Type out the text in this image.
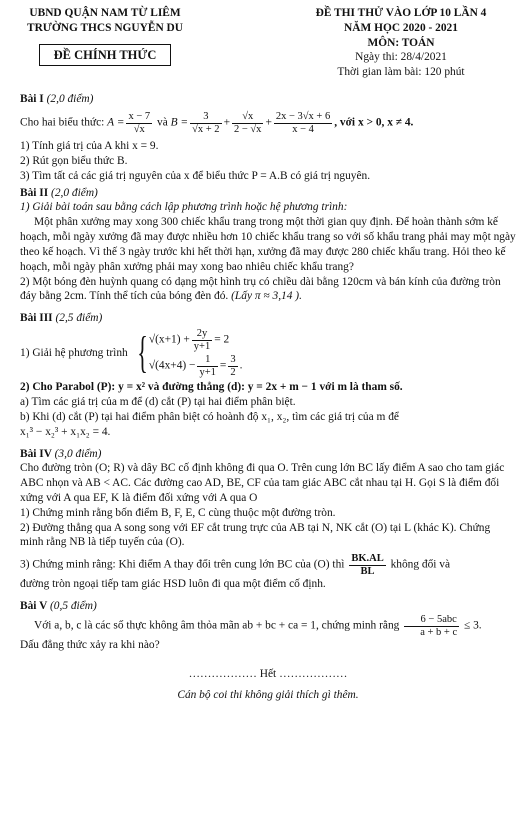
UBND QUẬN NAM TỪ LIÊM
TRƯỜNG THCS NGUYỄN DU
ĐỀ CHÍNH THỨC
ĐỀ THI THỬ VÀO LỚP 10 LẦN 4
NĂM HỌC 2020 - 2021
MÔN: TOÁN
Ngày thi: 28/4/2021
Thời gian làm bài: 120 phút
Bài I (2,0 điểm)

Cho hai biểu thức: $A = \frac{x - 7}{√x}$ và $B = \frac{3}{√x + 2} + \frac{√x}{2 - √x} + \frac{2x - 3√x + 6}{x - 4}$ , với x > 0, x ≠ 4.

1) Tính giá trị của A khi x = 9.

2) Rút gọn biểu thức B.

3) Tìm tất cả các giá trị nguyên của x để biểu thức P = A.B có giá trị nguyên.

Bài II (2,0 điểm)

1) Giải bài toán sau bằng cách lập phương trình hoặc hệ phương trình:

Một phân xưởng may xong 300 chiếc khẩu trang trong một thời gian quy định. Để hoàn thành sớm kế hoạch, mỗi ngày xưởng đã may được nhiều hơn 10 chiếc khẩu trang so với số khẩu trang phải may một ngày theo kế hoạch. Vì thế 3 ngày trước khi hết thời hạn, xưởng đã may được 280 chiếc khẩu trang. Hỏi theo kế hoạch, mỗi ngày phân xưởng phải may xong bao nhiêu chiếc khẩu trang?

2) Một bóng đèn huỳnh quang có dạng một hình trụ có chiều dài bằng 120cm và bán kính của đường tròn đáy bằng 2cm. Tính thể tích của bóng đèn đó. (Lấy π ≈ 3,14 ).

Bài III (2,5 điểm)
1) Giải hệ phương trình { $√(x+1) + \frac{2y}{y+1} = 2$
$√(4x+4) - \frac{1}{y+1} = \frac{3}{2}$ .

2) Cho Parabol (P): y = x² và đường thẳng (d): y = 2x + m − 1 với m là tham số.

a) Tìm các giá trị của m để (d) cắt (P) tại hai điểm phân biệt.

b) Khi (d) cắt (P) tại hai điểm phân biệt có hoành độ x₁, x₂, tìm các giá trị của m để

x₁³ − x₂³ + x₁x₂ = 4.

Bài IV (3,0 điểm)

Cho đường tròn (O; R) và dây BC cố định không đi qua O. Trên cung lớn BC lấy điểm A sao cho tam giác ABC nhọn và AB < AC. Các đường cao AD, BE, CF của tam giác ABC cắt nhau tại H. Gọi S là điểm đối xứng với A qua EF, K là điểm đối xứng với A qua O

1) Chứng minh rằng bốn điểm B, F, E, C cùng thuộc một đường tròn.

2) Đường thẳng qua A song song với EF cắt trung trực của AB tại N, NK cắt (O) tại L (khác K). Chứng minh rằng NB là tiếp tuyến của (O).

3) Chứng minh rằng: Khi điểm A thay đổi trên cung lớn BC của (O) thì $\frac{BK.AL}{BL}$ không đổi và

đường tròn ngoại tiếp tam giác HSD luôn đi qua một điểm cố định.

Bài V (0,5 điểm)

Với a, b, c là các số thực không âm thỏa mãn ab + bc + ca = 1, chứng minh rằng $\frac{\text{6 − 5abc}}{a + b + c} \le 3$.

Dấu đẳng thức xảy ra khi nào?

……………… Hết ………………
Cán bộ coi thi không giải thích gì thêm.
